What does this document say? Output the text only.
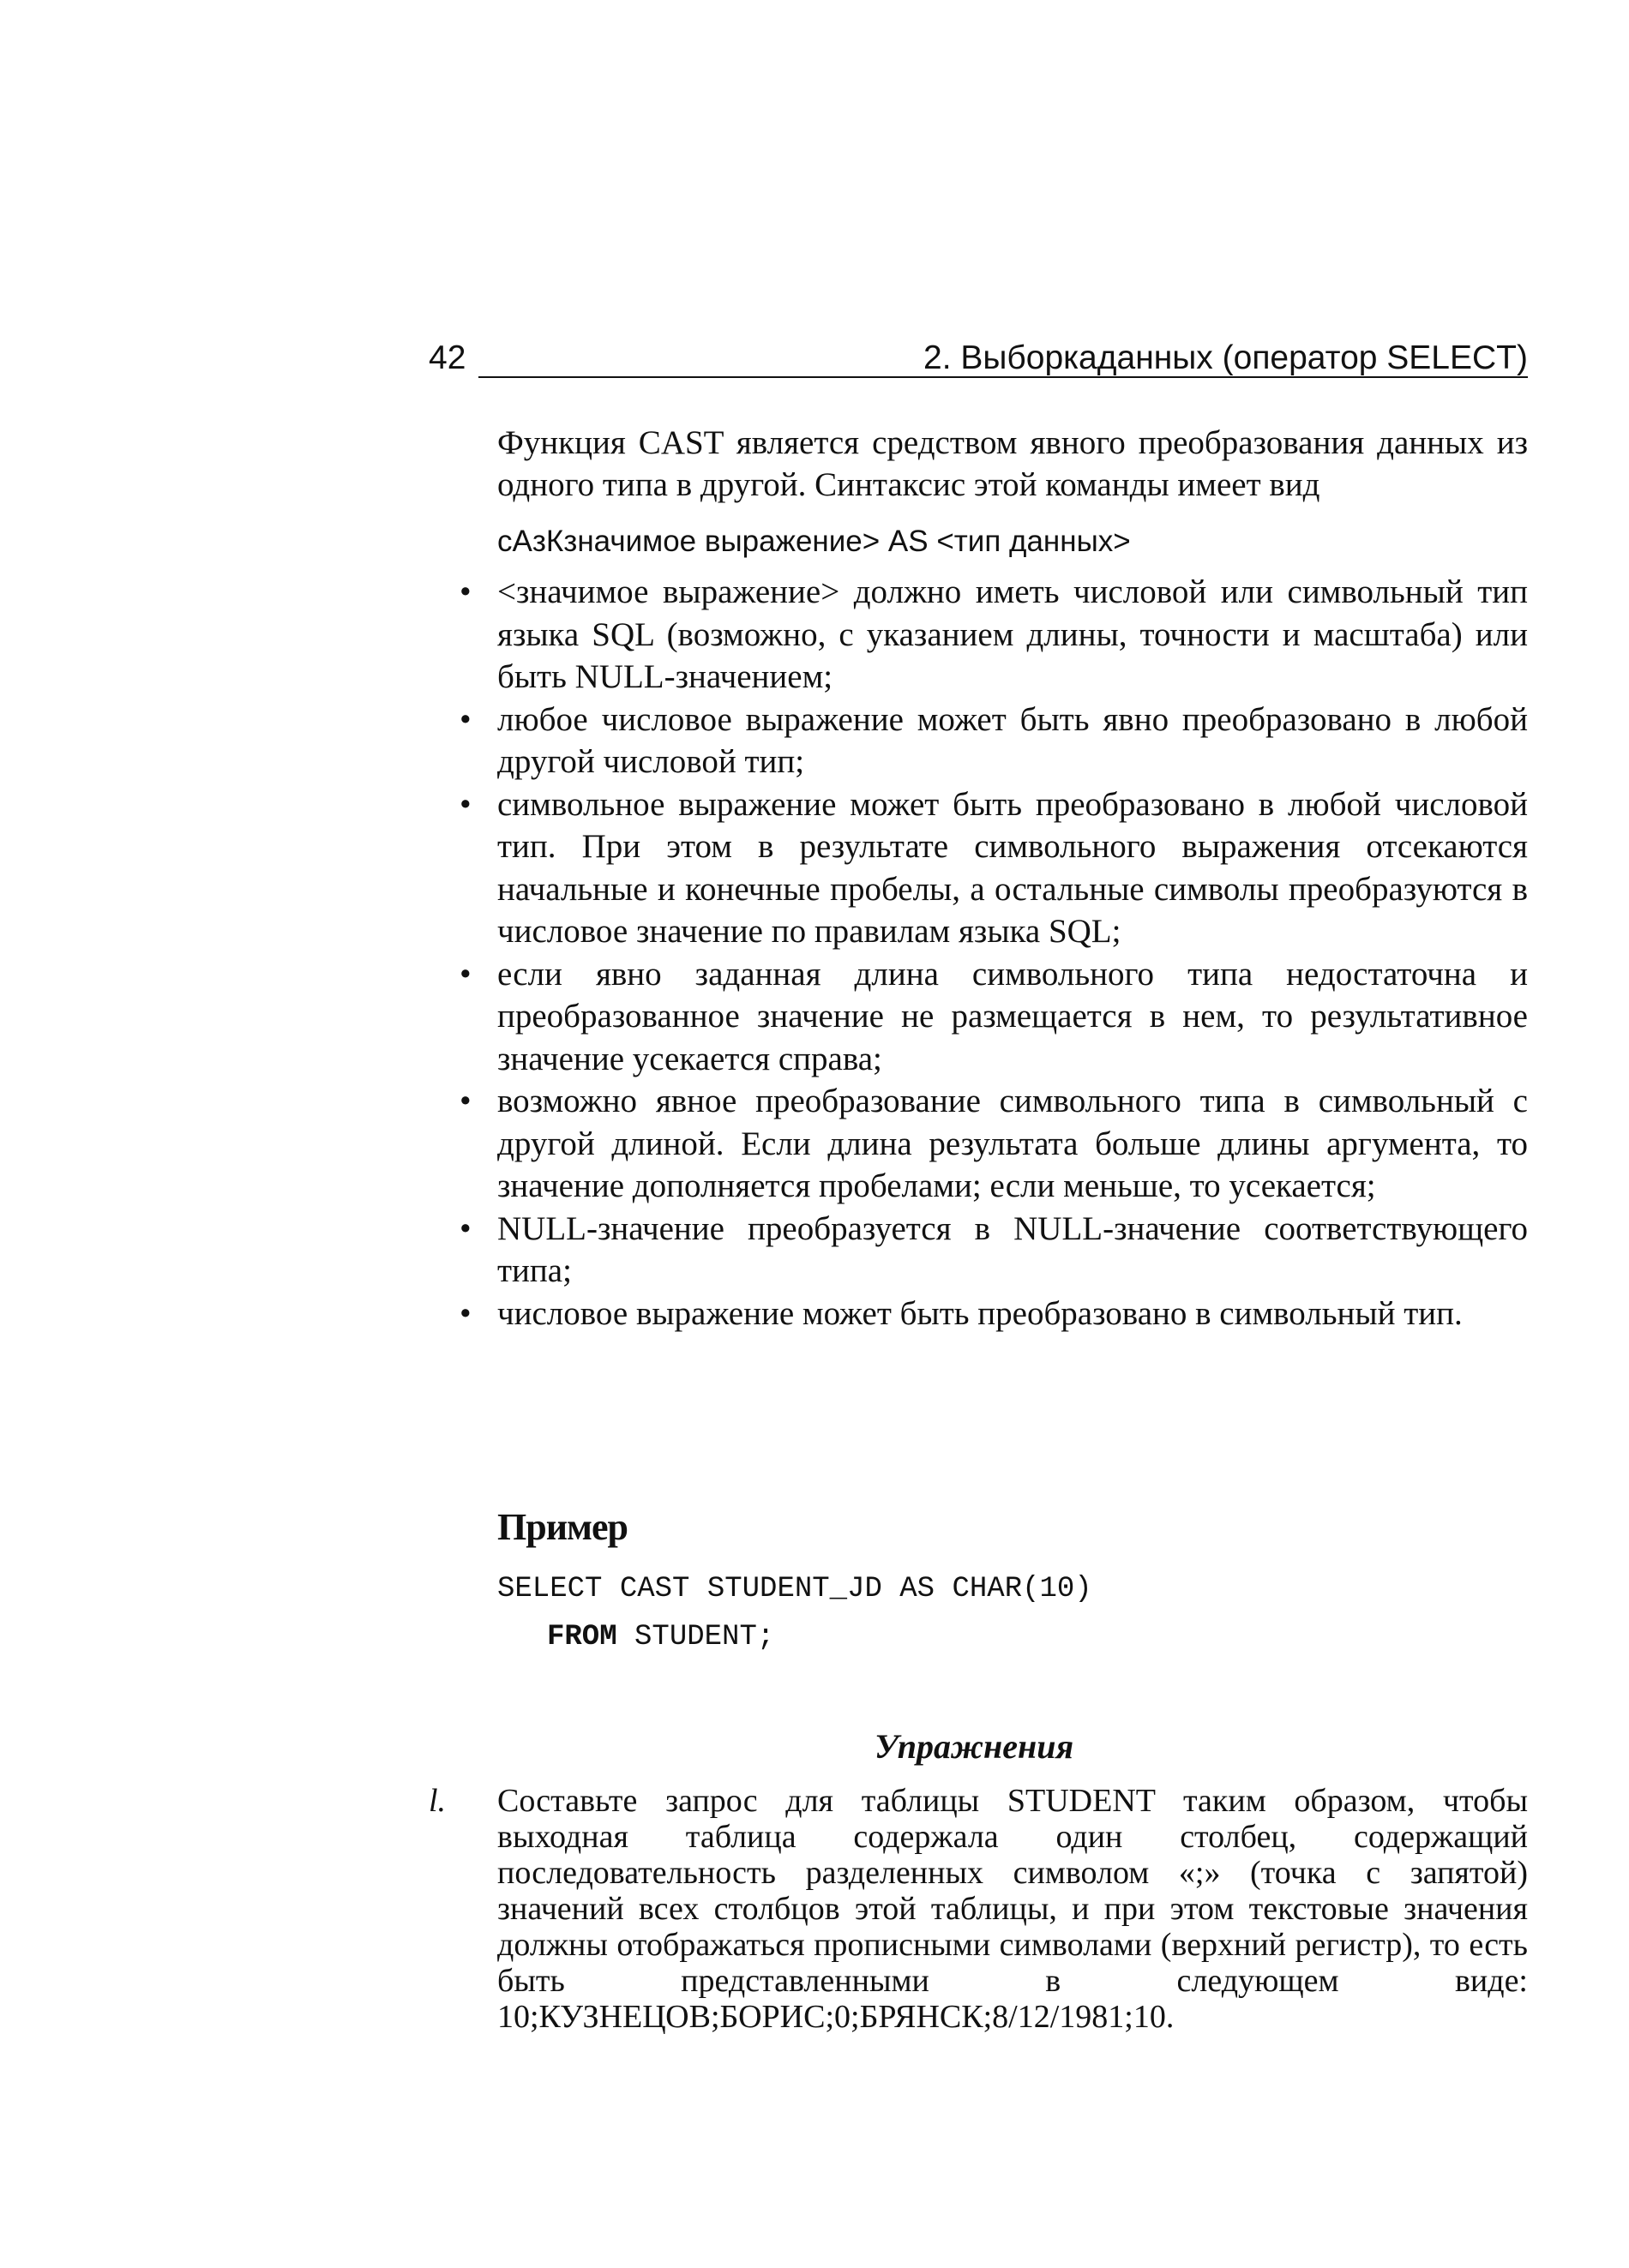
42	2. Выборкаданных (оператор SELECT)

Функция CAST является средством явного преобразования данных из одного типа в другой. Синтаксис этой команды имеет вид

сАзКзначимое выражение> AS <тип данных>
• <значимое выражение> должно иметь числовой или символьный тип языка SQL (возможно, с указанием длины, точности и масштаба) или быть NULL-значением;
• любое числовое выражение может быть явно преобразовано в любой другой числовой тип;
• символьное выражение может быть преобразовано в любой числовой тип. При этом в результате символьного выражения отсекаются начальные и конечные пробелы, а остальные символы преобразуются в числовое значение по правилам языка SQL;
• если явно заданная длина символьного типа недостаточна и преобразованное значение не размещается в нем, то результативное значение усекается справа;
• возможно явное преобразование символьного типа в символьный с другой длиной. Если длина результата больше длины аргумента, то значение дополняется пробелами; если меньше, то усекается;
• NULL-значение преобразуется в NULL-значение соответствующего типа;
• числовое выражение может быть преобразовано в символьный тип.
Пример
SELECT CAST STUDENT_JD AS CHAR(10)
FROM STUDENT;
Упражнения
l. Составьте запрос для таблицы STUDENT таким образом, чтобы выходная таблица содержала один столбец, содержащий последовательность разделенных символом «;» (точка с запятой) значений всех столбцов этой таблицы, и при этом текстовые значения должны отображаться прописными символами (верхний регистр), то есть быть представленными в следующем виде: 10;КУЗНЕЦОВ;БОРИС;0;БРЯНСК;8/12/1981;10.
